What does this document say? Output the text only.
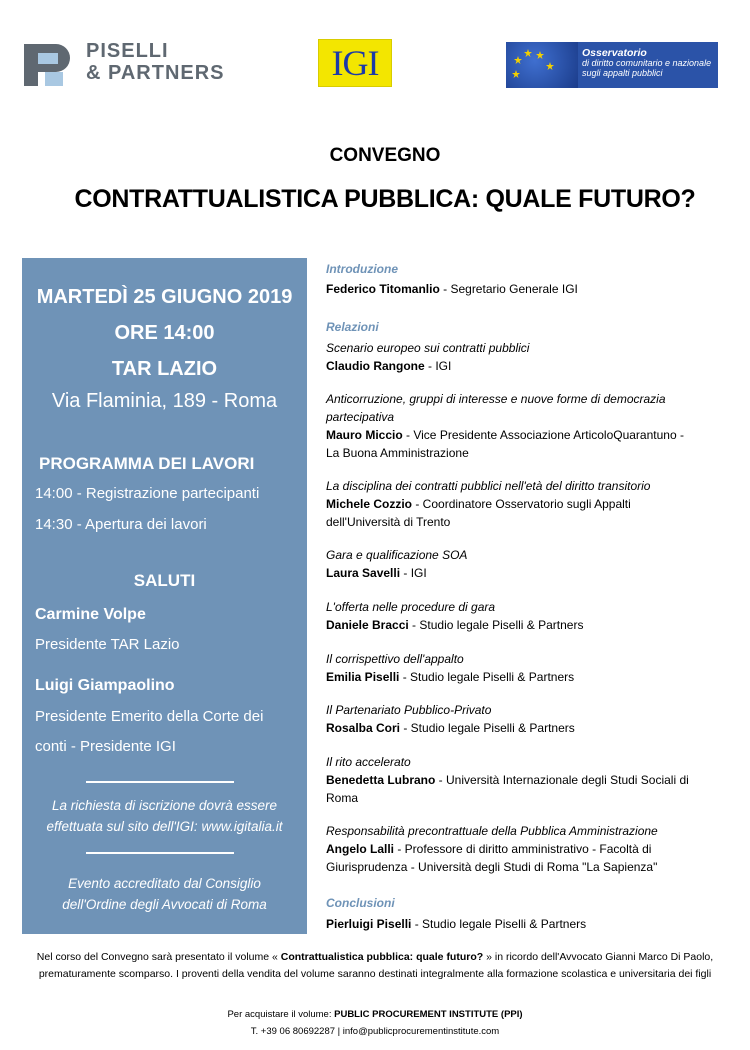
PISELLI
& PARTNERS	IGI	Osservatorio
di diritto comunitario e nazionale
sugli appalti pubblici
CONVEGNO
CONTRATTUALISTICA PUBBLICA: QUALE FUTURO?
MARTEDÌ 25 GIUGNO 2019
ORE 14:00
TAR LAZIO
Via Flaminia, 189 - Roma
PROGRAMMA DEI LAVORI
14:00 - Registrazione partecipanti
14:30 - Apertura dei lavori
SALUTI
Carmine Volpe
Presidente TAR Lazio
Luigi Giampaolino
Presidente Emerito della Corte dei
conti - Presidente IGI
La richiesta di iscrizione dovrà essere
effettuata sul sito dell'IGI: www.igitalia.it
Evento accreditato dal Consiglio
dell'Ordine degli Avvocati di Roma
Introduzione
Federico Titomanlio - Segretario Generale IGI
Relazioni
Scenario europeo sui contratti pubblici
Claudio Rangone - IGI
Anticorruzione, gruppi di interesse e nuove forme di democrazia
partecipativa
Mauro Miccio - Vice Presidente Associazione ArticoloQuarantuno -
La Buona Amministrazione
La disciplina dei contratti pubblici nell'età del diritto transitorio
Michele Cozzio - Coordinatore Osservatorio sugli Appalti
dell'Università di Trento
Gara e qualificazione SOA
Laura Savelli - IGI
L'offerta nelle procedure di gara
Daniele Bracci - Studio legale Piselli & Partners
Il corrispettivo dell'appalto
Emilia Piselli - Studio legale Piselli & Partners
Il Partenariato Pubblico-Privato
Rosalba Cori - Studio legale Piselli & Partners
Il rito accelerato
Benedetta Lubrano - Università Internazionale degli Studi Sociali di
Roma
Responsabilità precontrattuale della Pubblica Amministrazione
Angelo Lalli - Professore di diritto amministrativo - Facoltà di
Giurisprudenza - Università degli Studi di Roma "La Sapienza"
Conclusioni
Pierluigi Piselli - Studio legale Piselli & Partners
Nel corso del Convegno sarà presentato il volume « Contrattualistica pubblica: quale futuro? » in ricordo dell'Avvocato Gianni Marco Di Paolo,
prematuramente scomparso. I proventi della vendita del volume saranno destinati integralmente alla formazione scolastica e universitaria dei figli
Per acquistare il volume: PUBLIC PROCUREMENT INSTITUTE (PPI)
T. +39 06 80692287 | info@publicprocurementinstitute.com
